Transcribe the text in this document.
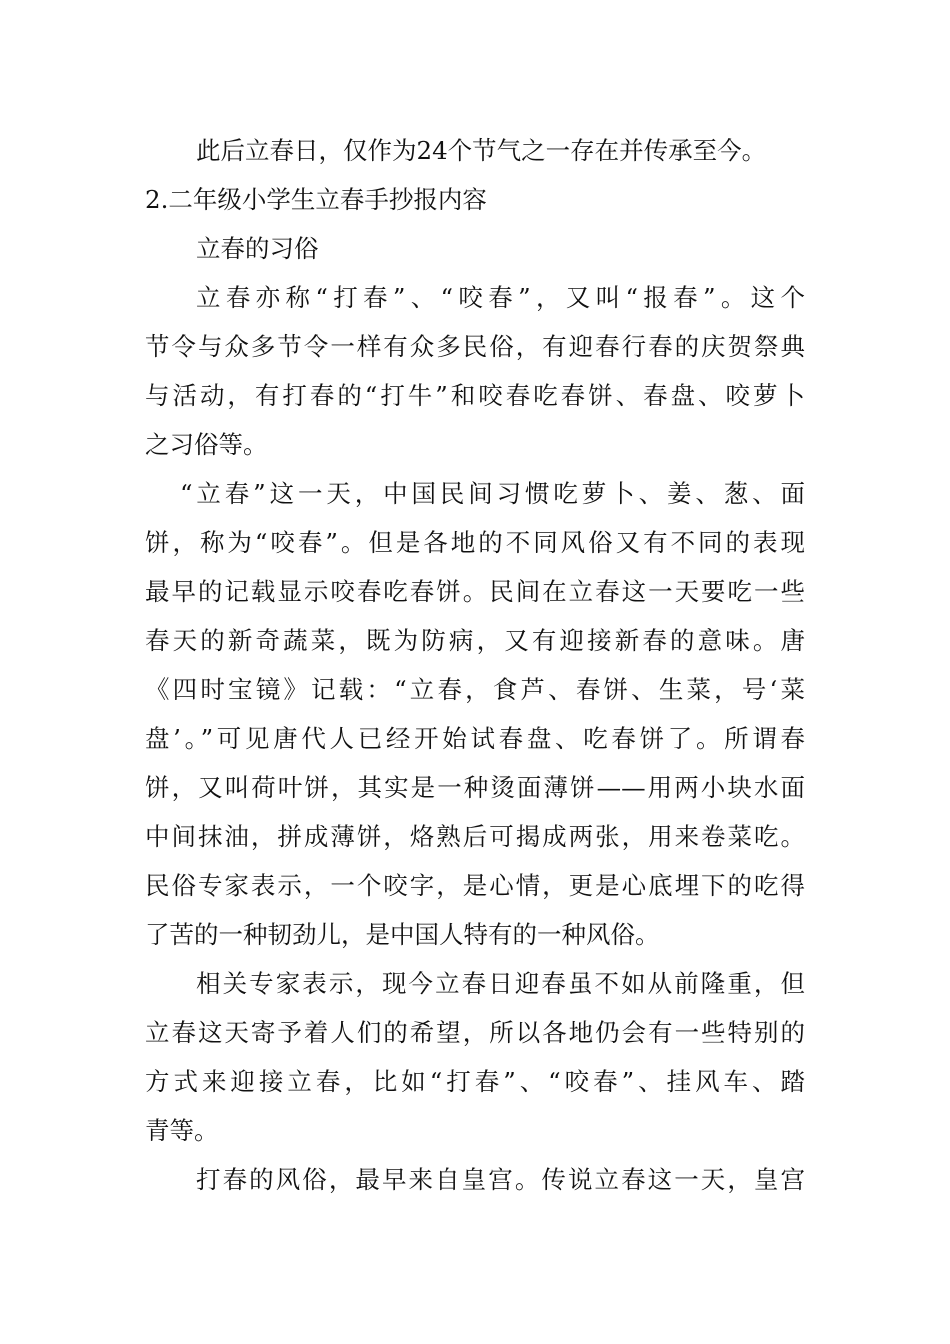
此后立春日，仅作为24个节气之一存在并传承至今。
2.二年级小学生立春手抄报内容
立春的习俗
立春亦称“打春”、“咬春”，又叫“报春”。这个
节令与众多节令一样有众多民俗，有迎春行春的庆贺祭典
与活动，有打春的“打牛”和咬春吃春饼、春盘、咬萝卜
之习俗等。
“立春”这一天，中国民间习惯吃萝卜、姜、葱、面
饼，称为“咬春”。但是各地的不同风俗又有不同的表现
最早的记载显示咬春吃春饼。民间在立春这一天要吃一些
春天的新奇蔬菜，既为防病，又有迎接新春的意味。唐
《四时宝镜》记载：“立春，食芦、春饼、生菜，号‘菜
盘’。”可见唐代人已经开始试春盘、吃春饼了。所谓春
饼，又叫荷叶饼，其实是一种烫面薄饼——用两小块水面
中间抹油，拼成薄饼，烙熟后可揭成两张，用来卷菜吃。
民俗专家表示，一个咬字，是心情，更是心底埋下的吃得
了苦的一种韧劲儿，是中国人特有的一种风俗。
相关专家表示，现今立春日迎春虽不如从前隆重，但
立春这天寄予着人们的希望，所以各地仍会有一些特别的
方式来迎接立春，比如“打春”、“咬春”、挂风车、踏
青等。
打春的风俗，最早来自皇宫。传说立春这一天，皇宫
